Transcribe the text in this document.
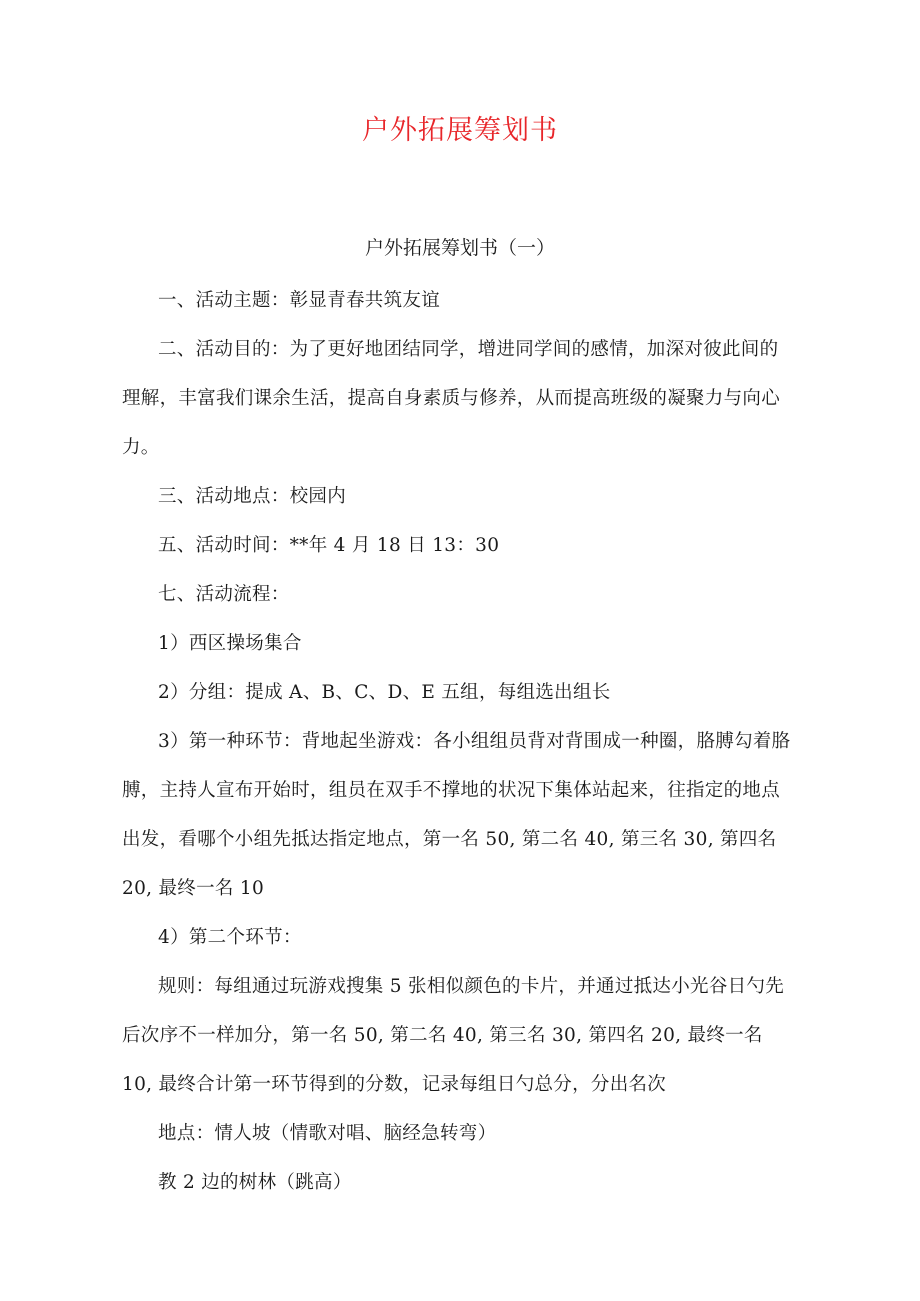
户外拓展筹划书
户外拓展筹划书（一）

一、活动主题：彰显青春共筑友谊

二、活动目的：为了更好地团结同学，增进同学间的感情，加深对彼此间的理解，丰富我们课余生活，提高自身素质与修养，从而提高班级的凝聚力与向心力。

三、活动地点：校园内

五、活动时间：**年 4 月 18 日 13：30

七、活动流程：

1）西区操场集合

2）分组：提成 A、B、C、D、E 五组，每组选出组长

3）第一种环节：背地起坐游戏：各小组组员背对背围成一种圈，胳膊勾着胳膊，主持人宣布开始时，组员在双手不撑地的状况下集体站起来，往指定的地点出发，看哪个小组先抵达指定地点，第一名 50, 第二名 40, 第三名 30, 第四名 20, 最终一名 10

4）第二个环节：

规则：每组通过玩游戏搜集 5 张相似颜色的卡片，并通过抵达小光谷日勺先后次序不一样加分，第一名 50, 第二名 40, 第三名 30, 第四名 20, 最终一名 10, 最终合计第一环节得到的分数，记录每组日勺总分，分出名次

地点：情人坡（情歌对唱、脑经急转弯）

教 2 边的树林（跳高）
